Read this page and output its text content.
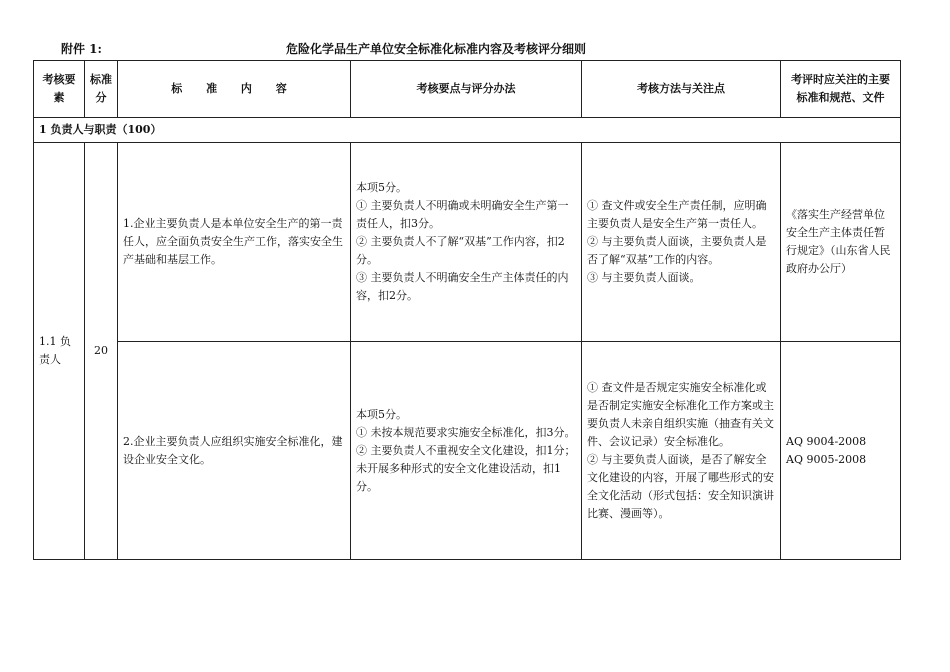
附件 1:	危险化学品生产单位安全标准化标准内容及考核评分细则
考核要素	标准分	标 准 内 容	考核要点与评分办法	考核方法与关注点	考评时应关注的主要标准和规范、文件
1 负责人与职责（100）					
1.1 负责人	20	1.企业主要负责人是本单位安全生产的第一责任人，应全面负责安全生产工作，落实安全生产基础和基层工作。	本项5分。
① 主要负责人不明确或未明确安全生产第一责任人，扣3分。
② 主要负责人不了解“双基”工作内容，扣2分。
③ 主要负责人不明确安全生产主体责任的内容，扣2分。	① 查文件或安全生产责任制，应明确主要负责人是安全生产第一责任人。
② 与主要负责人面谈，主要负责人是否了解“双基”工作的内容。
③ 与主要负责人面谈。	《落实生产经营单位安全生产主体责任暂行规定》（山东省人民政府办公厅）

		2.企业主要负责人应组织实施安全标准化，建设企业安全文化。	本项5分。
① 未按本规范要求实施安全标准化，扣3分。
② 主要负责人不重视安全文化建设，扣1分；未开展多种形式的安全文化建设活动，扣1分。	① 查文件是否规定实施安全标准化或是否制定实施安全标准化工作方案或主要负责人未亲自组织实施（抽查有关文件、会议记录）安全标准化。
② 与主要负责人面谈，是否了解安全文化建设的内容，开展了哪些形式的安全文化活动（形式包括：安全知识演讲比赛、漫画等）。	AQ 9004-2008
AQ 9005-2008
